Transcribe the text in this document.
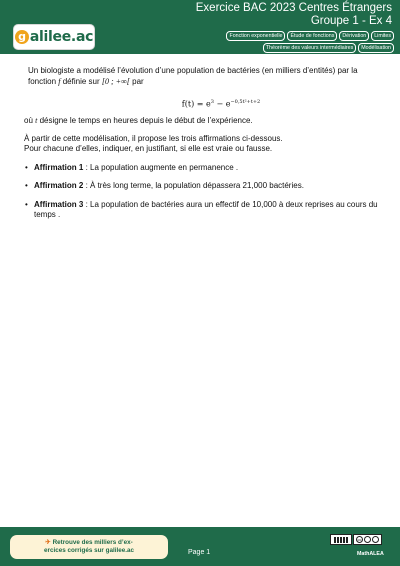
g alilee.ac
Exercice BAC 2023 Centres Étrangers
Groupe 1 - Ex 4
Fonction exponentielle	Étude de fonctions	Dérivation	Limites
Théorème des valeurs intermédiaires	Modélisation

Un biologiste a modélisé l’évolution d’une population de bactéries (en milliers d’entités) par la fonction f définie sur [0 ; +∞[ par

$f(t) = e^3 - e^{-0,5t^2+t+2}$

où t désigne le temps en heures depuis le début de l’expérience.

À partir de cette modélisation, il propose les trois affirmations ci-dessous.

Pour chacune d’elles, indiquer, en justifiant, si elle est vraie ou fausse.

• Affirmation 1 : La population augmente en permanence .
• Affirmation 2 : À très long terme, la population dépassera 21,000 bactéries.
• Affirmation 3 : La population de bactéries aura un effectif de 10,000 à deux reprises au cours du temps .
✈ Retrouve des milliers d’ex-
ercices corrigés sur galilee.ac	Page 1
cc
MathALEA
